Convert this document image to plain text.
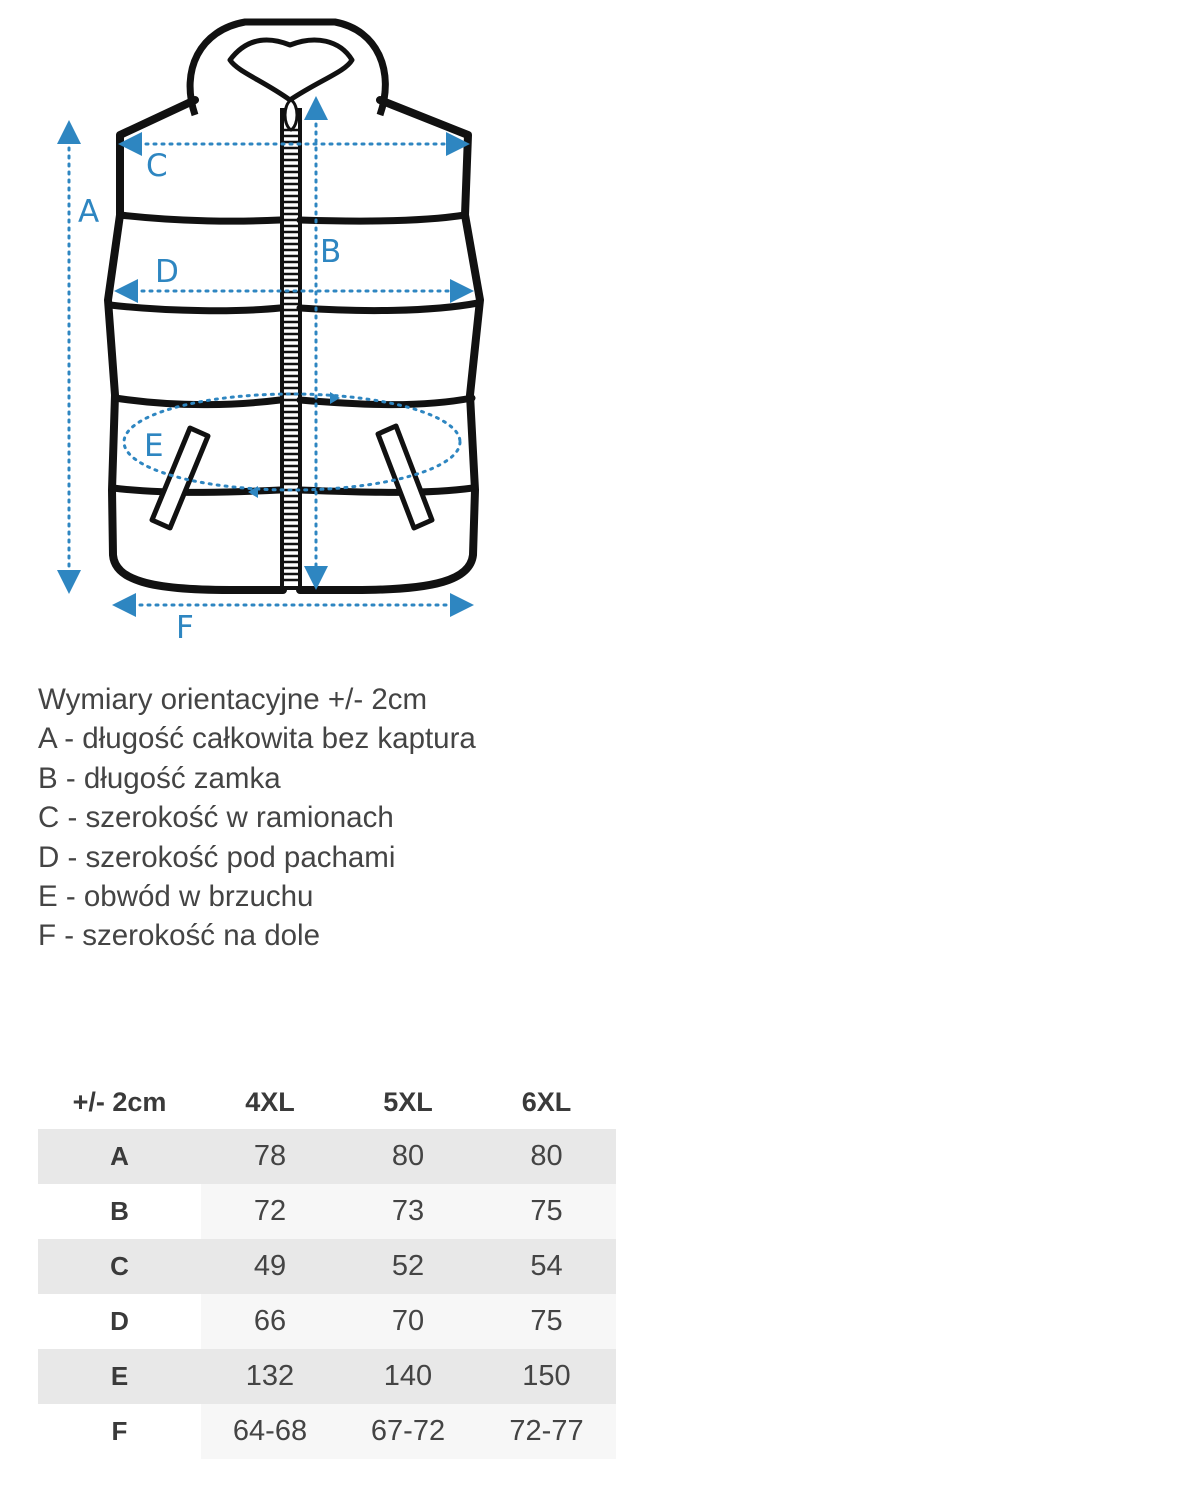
A
B
C
D
E
F
Wymiary orientacyjne +/- 2cm
A - długość całkowita bez kaptura
B - długość zamka
C - szerokość w ramionach
D - szerokość pod pachami
E - obwód w brzuchu
F - szerokość na dole
+/- 2cm	4XL	5XL	6XL
A	78	80	80
B	72	73	75
C	49	52	54
D	66	70	75
E	132	140	150
F	64-68	67-72	72-77
